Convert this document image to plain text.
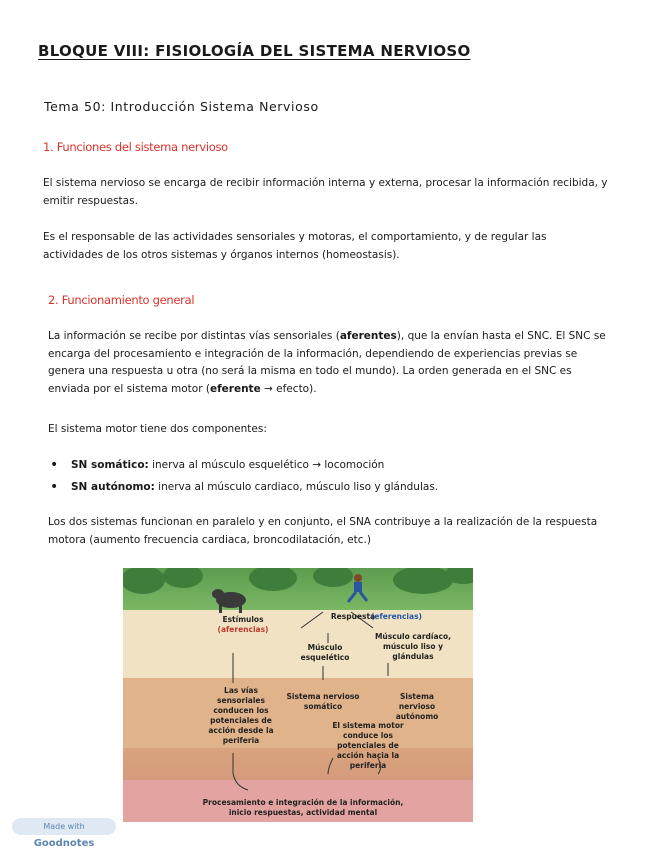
BLOQUE VIII: FISIOLOGÍA DEL SISTEMA NERVIOSO
Tema 50: Introducción Sistema Nervioso
1. Funciones del sistema nervioso
El sistema nervioso se encarga de recibir información interna y externa, procesar la información recibida, y emitir respuestas.
Es el responsable de las actividades sensoriales y motoras, el comportamiento, y de regular las actividades de los otros sistemas y órganos internos (homeostasis).
2. Funcionamiento general
La información se recibe por distintas vías sensoriales (aferentes), que la envían hasta el SNC. El SNC se encarga del procesamiento e integración de la información, dependiendo de experiencias previas se genera una respuesta u otra (no será la misma en todo el mundo). La orden generada en el SNC es enviada por el sistema motor (eferente → efecto).
El sistema motor tiene dos componentes:
• SN somático: inerva al músculo esquelético → locomoción
• SN autónomo: inerva al músculo cardiaco, músculo liso y glándulas.
Los dos sistemas funcionan en paralelo y en conjunto, el SNA contribuye a la realización de la respuesta motora (aumento frecuencia cardiaca, broncodilatación, etc.)
Estímulos
(aferencias)
Respuesta
(eferencias)
Músculo esquelético
Músculo cardíaco, músculo liso y glándulas
Las vías sensoriales conducen los potenciales de acción desde la periferia
Sistema nervioso somático
Sistema nervioso autónomo
El sistema motor conduce los potenciales de acción hacia la periferia
Procesamiento e integración de la información, inicio respuestas, actividad mental
Made with Goodnotes
